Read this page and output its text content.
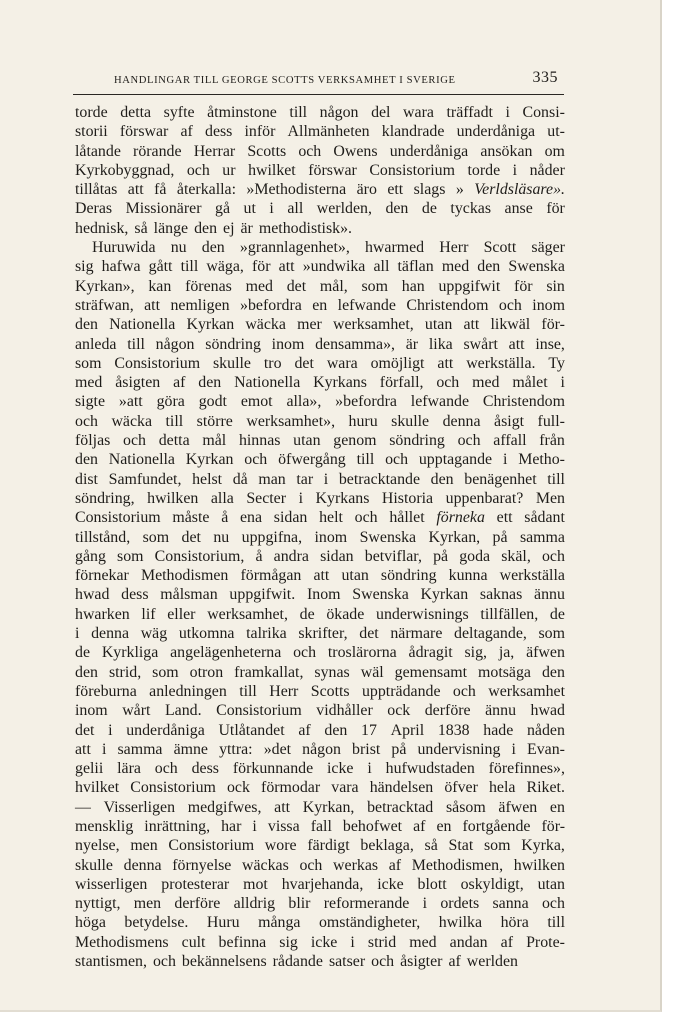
HANDLINGAR TILL GEORGE SCOTTS VERKSAMHET I SVERIGE	335
torde detta syfte åtminstone till någon del wara träffadt i Consi-
storii förswar af dess inför Allmänheten klandrade underdåniga ut-
låtande rörande Herrar Scotts och Owens underdåniga ansökan om
Kyrkobyggnad, och ur hwilket förswar Consistorium torde i nåder
tillåtas att få återkalla: »Methodisterna äro ett slags » Verldsläsare».
Deras Missionärer gå ut i all werlden, den de tyckas anse för
hednisk, så länge den ej är methodistisk».
Huruwida nu den »grannlagenhet», hwarmed Herr Scott säger
sig hafwa gått till wäga, för att »undwika all täflan med den Swenska
Kyrkan», kan förenas med det mål, som han uppgifwit för sin
sträfwan, att nemligen »befordra en lefwande Christendom och inom
den Nationella Kyrkan wäcka mer werksamhet, utan att likwäl för-
anleda till någon söndring inom densamma», är lika swårt att inse,
som Consistorium skulle tro det wara omöjligt att werkställa. Ty
med åsigten af den Nationella Kyrkans förfall, och med målet i
sigte »att göra godt emot alla», »befordra lefwande Christendom
och wäcka till större werksamhet», huru skulle denna åsigt full-
följas och detta mål hinnas utan genom söndring och affall från
den Nationella Kyrkan och öfwergång till och upptagande i Metho-
dist Samfundet, helst då man tar i betracktande den benägenhet till
söndring, hwilken alla Secter i Kyrkans Historia uppenbarat? Men
Consistorium måste å ena sidan helt och hållet förneka ett sådant
tillstånd, som det nu uppgifna, inom Swenska Kyrkan, på samma
gång som Consistorium, å andra sidan betviflar, på goda skäl, och
förnekar Methodismen förmågan att utan söndring kunna werkställa
hwad dess målsman uppgifwit. Inom Swenska Kyrkan saknas ännu
hwarken lif eller werksamhet, de ökade underwisnings tillfällen, de
i denna wäg utkomna talrika skrifter, det närmare deltagande, som
de Kyrkliga angelägenheterna och troslärorna ådragit sig, ja, äfwen
den strid, som otron framkallat, synas wäl gemensamt motsäga den
föreburna anledningen till Herr Scotts uppträdande och werksamhet
inom wårt Land. Consistorium vidhåller ock derföre ännu hwad
det i underdåniga Utlåtandet af den 17 April 1838 hade nåden
att i samma ämne yttra: »det någon brist på undervisning i Evan-
gelii lära och dess förkunnande icke i hufwudstaden förefinnes»,
hvilket Consistorium ock förmodar vara händelsen öfver hela Riket.
— Visserligen medgifwes, att Kyrkan, betracktad såsom äfwen en
mensklig inrättning, har i vissa fall behofwet af en fortgående för-
nyelse, men Consistorium wore färdigt beklaga, så Stat som Kyrka,
skulle denna förnyelse wäckas och werkas af Methodismen, hwilken
wisserligen protesterar mot hvarjehanda, icke blott oskyldigt, utan
nyttigt, men derföre alldrig blir reformerande i ordets sanna och
höga betydelse. Huru många omständigheter, hwilka höra till
Methodismens cult befinna sig icke i strid med andan af Prote-
stantismen, och bekännelsens rådande satser och åsigter af werlden
